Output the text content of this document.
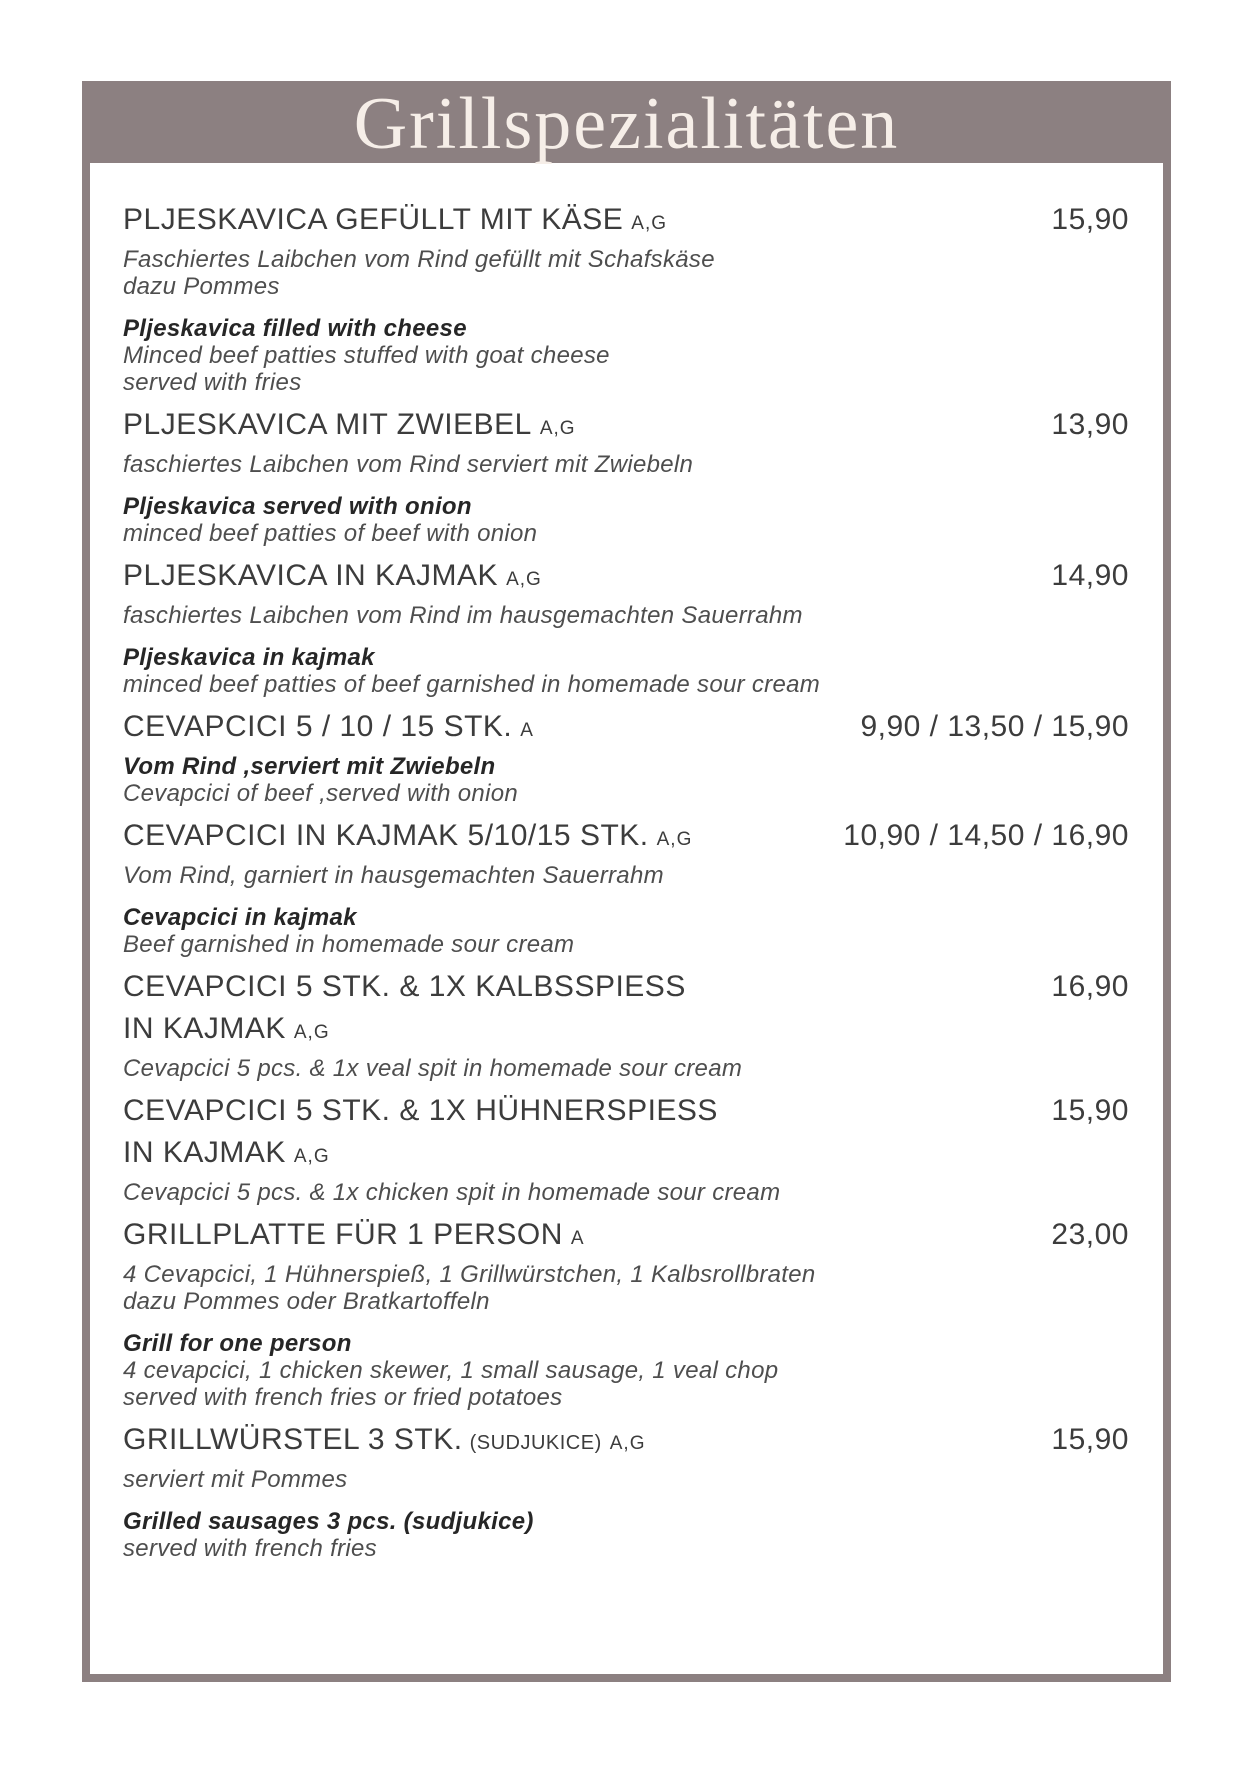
Grillspezialitäten
PLJESKAVICA GEFÜLLT MIT KÄSE A,G	15,90
Faschiertes Laibchen vom Rind gefüllt mit Schafskäse
dazu Pommes
Pljeskavica filled with cheese
Minced beef patties stuffed with goat cheese
served with fries
PLJESKAVICA MIT ZWIEBEL A,G	13,90
faschiertes Laibchen vom Rind serviert mit Zwiebeln
Pljeskavica served with onion
minced beef patties of beef with onion
PLJESKAVICA IN KAJMAK A,G	14,90
faschiertes Laibchen vom Rind im hausgemachten Sauerrahm
Pljeskavica in kajmak
minced beef patties of beef garnished in homemade sour cream
CEVAPCICI 5 / 10 / 15 STK. A	9,90 / 13,50 / 15,90
Vom Rind ,serviert mit Zwiebeln
Cevapcici of beef ,served with onion
CEVAPCICI IN KAJMAK 5/10/15 STK. A,G	10,90 / 14,50 / 16,90
Vom Rind, garniert in hausgemachten Sauerrahm
Cevapcici in kajmak
Beef garnished in homemade sour cream
CEVAPCICI 5 STK. & 1X KALBSSPIESS	16,90
IN KAJMAK A,G
Cevapcici 5 pcs. & 1x veal spit in homemade sour cream
CEVAPCICI 5 STK. & 1X HÜHNERSPIESS	15,90
IN KAJMAK A,G
Cevapcici 5 pcs. & 1x chicken spit in homemade sour cream
GRILLPLATTE FÜR 1 PERSON A	23,00
4 Cevapcici, 1 Hühnerspieß, 1 Grillwürstchen, 1 Kalbsrollbraten
dazu Pommes oder Bratkartoffeln
Grill for one person
4 cevapcici, 1 chicken skewer, 1 small sausage, 1 veal chop
served with french fries or fried potatoes
GRILLWÜRSTEL 3 STK. (SUDJUKICE) A,G	15,90
serviert mit Pommes
Grilled sausages 3 pcs. (sudjukice)
served with french fries
